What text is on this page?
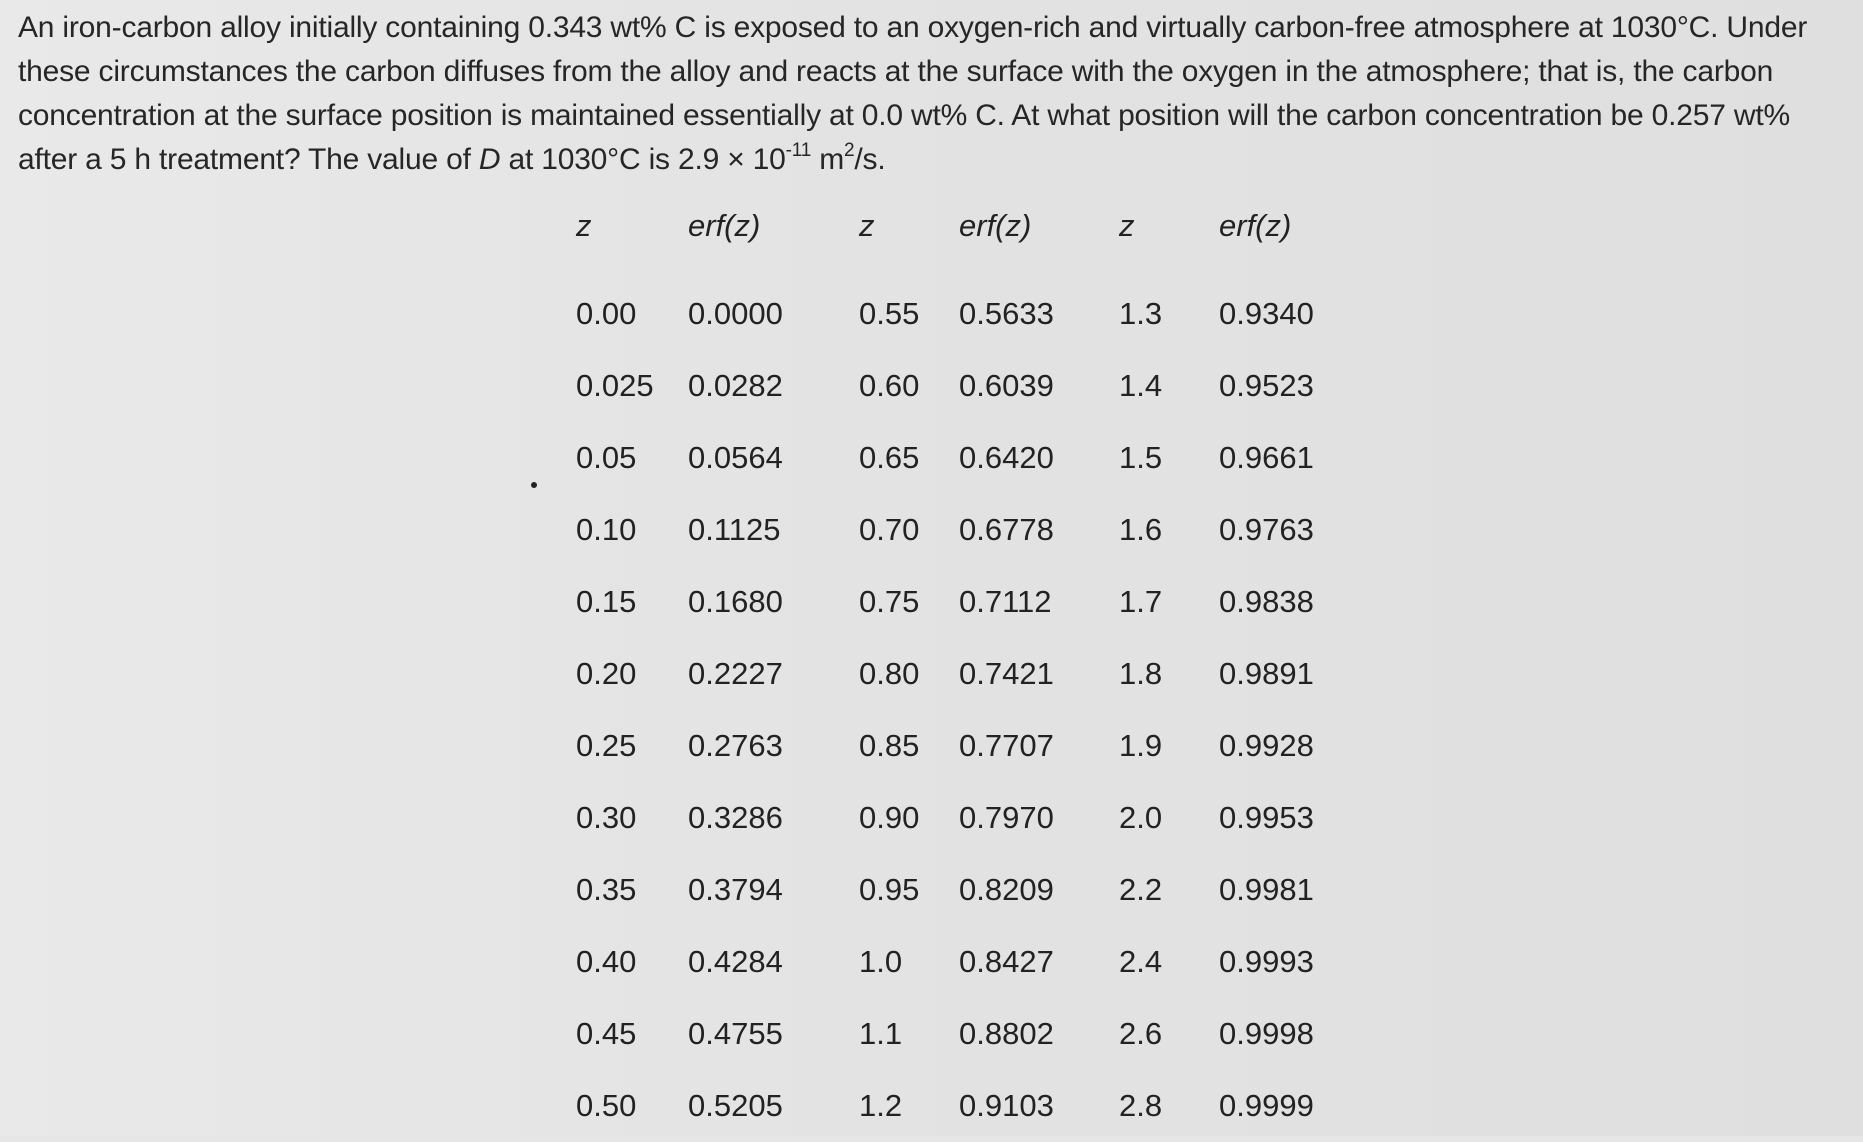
An iron-carbon alloy initially containing 0.343 wt% C is exposed to an oxygen-rich and virtually carbon-free atmosphere at 1030°C. Under these circumstances the carbon diffuses from the alloy and reacts at the surface with the oxygen in the atmosphere; that is, the carbon concentration at the surface position is maintained essentially at 0.0 wt% C. At what position will the carbon concentration be 0.257 wt% after a 5 h treatment? The value of D at 1030°C is $2.9 \times 10^{-11}$ $m^2/s$.

z	erf(z)	z	erf(z)	z	erf(z)
0.00	0.0000	0.55	0.5633	1.3	0.9340
0.025	0.0282	0.60	0.6039	1.4	0.9523
0.05	0.0564	0.65	0.6420	1.5	0.9661
0.10	0.1125	0.70	0.6778	1.6	0.9763
0.15	0.1680	0.75	0.7112	1.7	0.9838
0.20	0.2227	0.80	0.7421	1.8	0.9891
0.25	0.2763	0.85	0.7707	1.9	0.9928
0.30	0.3286	0.90	0.7970	2.0	0.9953
0.35	0.3794	0.95	0.8209	2.2	0.9981
0.40	0.4284	1.0	0.8427	2.4	0.9993
0.45	0.4755	1.1	0.8802	2.6	0.9998
0.50	0.5205	1.2	0.9103	2.8	0.9999
